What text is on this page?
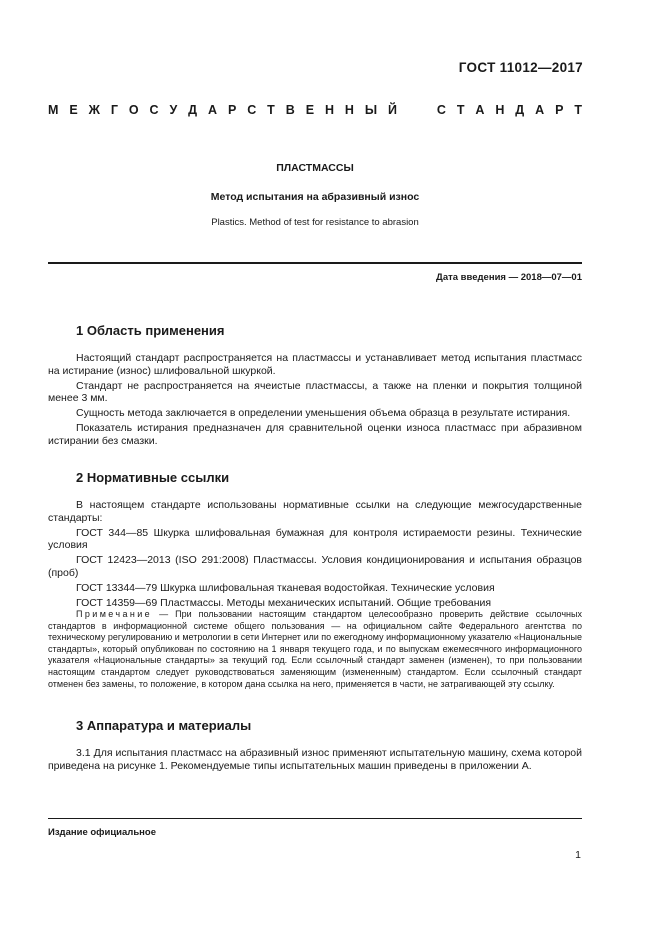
ГОСТ 11012—2017
М Е Ж Г О С У Д А Р С Т В Е Н Н Ы Й	С Т А Н Д А Р Т
ПЛАСТМАССЫ
Метод испытания на абразивный износ
Plastics. Method of test for resistance to abrasion
Дата введения — 2018—07—01
1 Область применения

Настоящий стандарт распространяется на пластмассы и устанавливает метод испытания пластмасс на истирание (износ) шлифовальной шкуркой.

Стандарт не распространяется на ячеистые пластмассы, а также на пленки и покрытия толщиной менее 3 мм.

Сущность метода заключается в определении уменьшения объема образца в результате истирания.

Показатель истирания предназначен для сравнительной оценки износа пластмасс при абразивном истирании без смазки.

2 Нормативные ссылки

В настоящем стандарте использованы нормативные ссылки на следующие межгосударственные стандарты:

ГОСТ 344—85 Шкурка шлифовальная бумажная для контроля истираемости резины. Технические условия

ГОСТ 12423—2013 (ISO 291:2008) Пластмассы. Условия кондиционирования и испытания образцов (проб)

ГОСТ 13344—79 Шкурка шлифовальная тканевая водостойкая. Технические условия

ГОСТ 14359—69 Пластмассы. Методы механических испытаний. Общие требования

Примечание — При пользовании настоящим стандартом целесообразно проверить действие ссылочных стандартов в информационной системе общего пользования — на официальном сайте Федерального агентства по техническому регулированию и метрологии в сети Интернет или по ежегодному информационному указателю «Национальные стандарты», который опубликован по состоянию на 1 января текущего года, и по выпускам ежемесячного информационного указателя «Национальные стандарты» за текущий год. Если ссылочный стандарт заменен (изменен), то при пользовании настоящим стандартом следует руководствоваться заменяющим (измененным) стандартом. Если ссылочный стандарт отменен без замены, то положение, в котором дана ссылка на него, применяется в части, не затрагивающей эту ссылку.

3 Аппаратура и материалы

3.1 Для испытания пластмасс на абразивный износ применяют испытательную машину, схема которой приведена на рисунке 1. Рекомендуемые типы испытательных машин приведены в приложении А.

Издание официальное
1
